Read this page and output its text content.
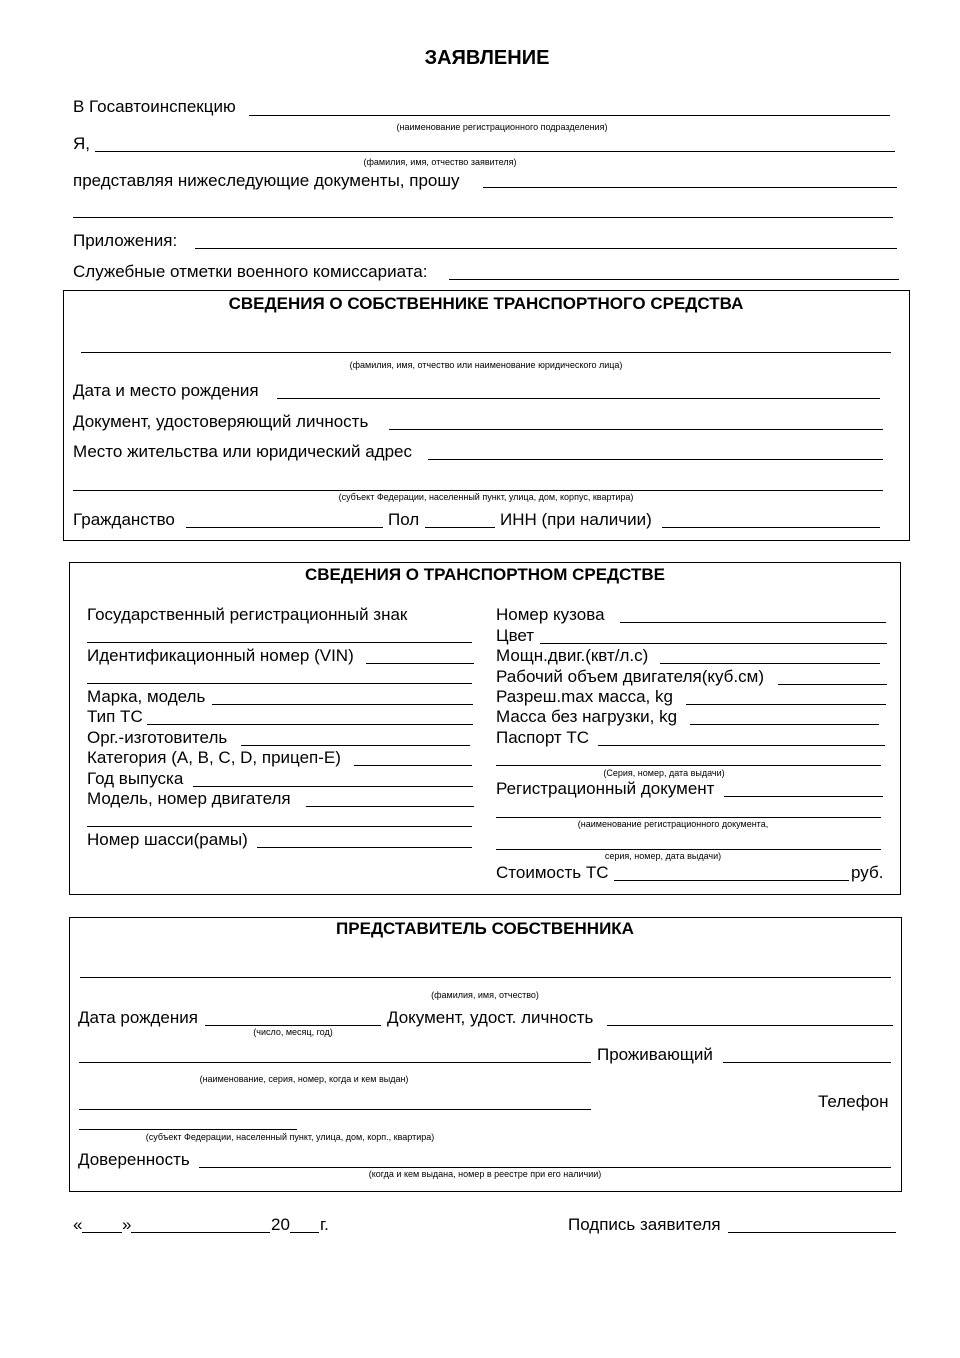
ЗАЯВЛЕНИЕ
В Госавтоинспекцию
(наименование регистрационного подразделения)
Я,
(фамилия, имя, отчество заявителя)
представляя нижеследующие документы, прошу
Приложения:
Служебные отметки военного комиссариата:
СВЕДЕНИЯ О СОБСТВЕННИКЕ ТРАНСПОРТНОГО СРЕДСТВА
(фамилия, имя, отчество или наименование юридического лица)
Дата и место рождения
Документ, удостоверяющий личность
Место жительства или юридический адрес
(субъект Федерации, населенный пункт, улица, дом, корпус, квартира)
Гражданство	Пол	ИНН (при наличии)
СВЕДЕНИЯ О ТРАНСПОРТНОМ СРЕДСТВЕ
Государственный регистрационный знак
Идентификационный номер (VIN)
Марка, модель
Тип ТС
Орг.-изготовитель
Категория (А, В, С, D, прицеп-Е)
Год выпуска
Модель, номер двигателя
Номер шасси(рамы)
Номер кузова
Цвет
Мощн.двиг.(квт/л.с)
Рабочий объем двигателя(куб.см)
Разреш.max масса, kg
Масса без нагрузки, kg
Паспорт ТС
(Серия, номер, дата выдачи)
Регистрационный документ
(наименование регистрационного документа,
серия, номер, дата выдачи)
Стоимость ТС	руб.
ПРЕДСТАВИТЕЛЬ СОБСТВЕННИКА
(фамилия, имя, отчество)
Дата рождения
(число, месяц, год)
Документ, удост. личность
Проживающий
(наименование, серия, номер, когда и кем выдан)
Телефон
(субъект Федерации, населенный пункт, улица, дом, корп., квартира)
Доверенность
(когда и кем выдана, номер в реестре при его наличии)
« »	20 г.	Подпись заявителя
